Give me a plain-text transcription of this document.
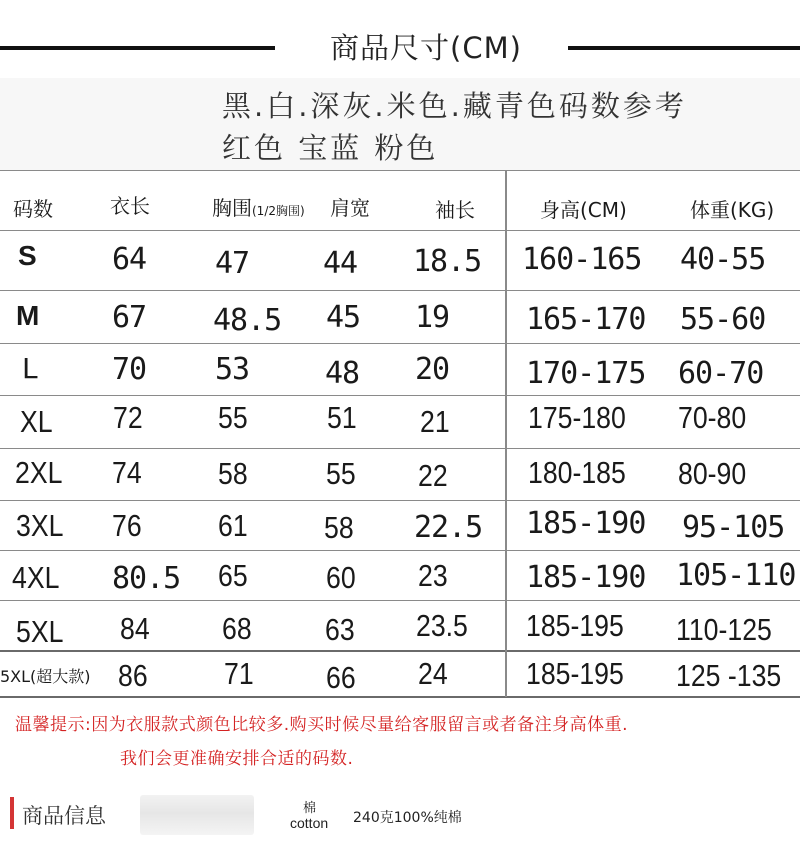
商品尺寸(CM)
黑.白.深灰.米色.藏青色码数参考
红色 宝蓝 粉色
码数	衣长	胸围(1/2胸围) 肩宽	袖长	身高(CM)	体重(KG)
S	64 47 44 18.5 160-165 40-55
M 67 48.5 45 19	165-170 55-60
L 70 53	48 20	170-175 60-70
XL 72 55	51 21	175-180 70-80
2XL 74 58	55 22	180-185 80-90
3XL 76 61 58 22.5 185-190 95-105
4XL 80.5 65	60 23	185-190 105-110
5XL 84 68 63 23.5 185-195 110-125
5XL(超大款) 86 71 66 24	185-195 125 -135
温馨提示:因为衣服款式颜色比较多.购买时候尽量给客服留言或者备注身高体重.
我们会更准确安排合适的码数.
商品信息	棉
cotton 240克100%纯棉
